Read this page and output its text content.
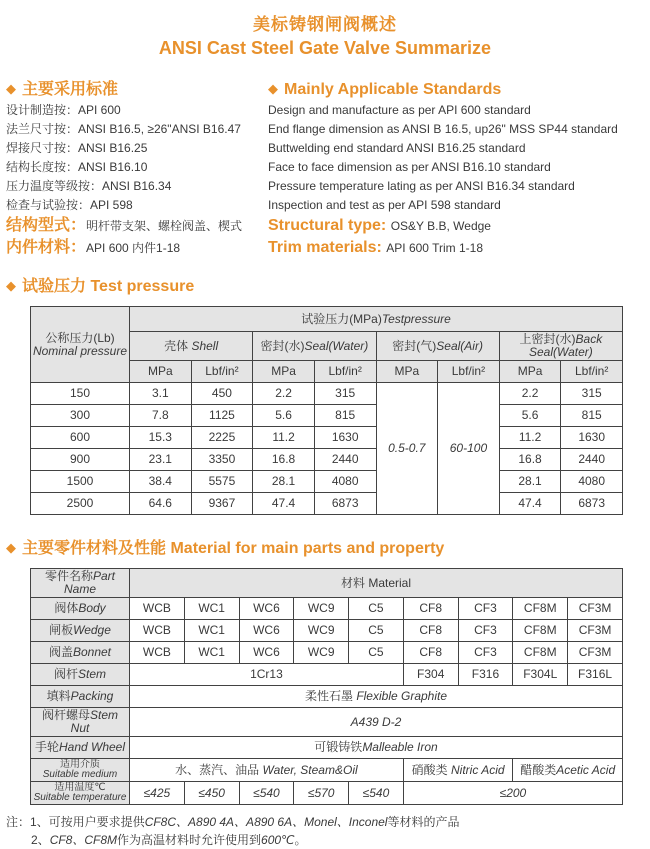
美标铸钢闸阀概述
ANSI Cast Steel Gate Valve Summarize
◆ 主要采用标准
设计制造按：API 600
法兰尺寸按：ANSI B16.5, ≥26"ANSI B16.47
焊接尺寸按：ANSI B16.25
结构长度按：ANSI B16.10
压力温度等级按：ANSI B16.34
检查与试验按：API 598
结构型式：明杆带支架、螺栓阀盖、楔式
内件材料：API 600 内件1-18
◆ Mainly Applicable Standards
Design and manufacture as per API 600 standard
End flange dimension as ANSI B 16.5, up26" MSS SP44 standard
Buttwelding end standard ANSI B16.25 standard
Face to face dimension as per ANSI B16.10 standard
Pressure temperature lating as per ANSI B16.34 standard
Inspection and test as per API 598 standard
Structural type: OS&Y B.B, Wedge
Trim materials: API 600 Trim 1-18
◆ 试验压力 Test pressure
公称压力(Lb)
Nominal pressure	试验压力(MPa)Testpressure							
	壳体 Shell		密封(水)Seal(Water)		密封(气)Seal(Air)		上密封(水)Back Seal(Water)	
	MPa	Lbf/in²	MPa	Lbf/in²	MPa	Lbf/in²	MPa	Lbf/in²
150	3.1	450	2.2	315	0.5-0.7	60-100	2.2	315
300	7.8	1125	5.6	815			5.6	815
600	15.3	2225	11.2	1630			11.2	1630
900	23.1	3350	16.8	2440			16.8	2440
1500	38.4	5575	28.1	4080			28.1	4080
2500	64.6	9367	47.4	6873			47.4	6873
◆ 主要零件材料及性能 Material for main parts and property
零件名称Part Name	材料 Material								
阀体Body	WCB	WC1	WC6	WC9	C5	CF8	CF3	CF8M	CF3M
闸板Wedge	WCB	WC1	WC6	WC9	C5	CF8	CF3	CF8M	CF3M
阀盖Bonnet	WCB	WC1	WC6	WC9	C5	CF8	CF3	CF8M	CF3M
阀杆Stem	1Cr13					F304	F316	F304L	F316L
填料Packing	柔性石墨 Flexible Graphite								
阀杆螺母Stem Nut	A439 D-2								
手轮Hand Wheel	可锻铸铁Malleable Iron								

适用介质
Suitable medium	水、蒸汽、油品 Water, Steam&Oil					硝酸类 Nitric Acid		醋酸类Acetic Acid	

适用温度℃
Suitable temperature	≤425	≤450	≤540	≤570	≤540	≤200			

注：1、可按用户要求提供CF8C、A890 4A、A890 6A、Monel、Inconel等材料的产品

2、CF8、CF8M作为高温材料时允许使用到600℃。
